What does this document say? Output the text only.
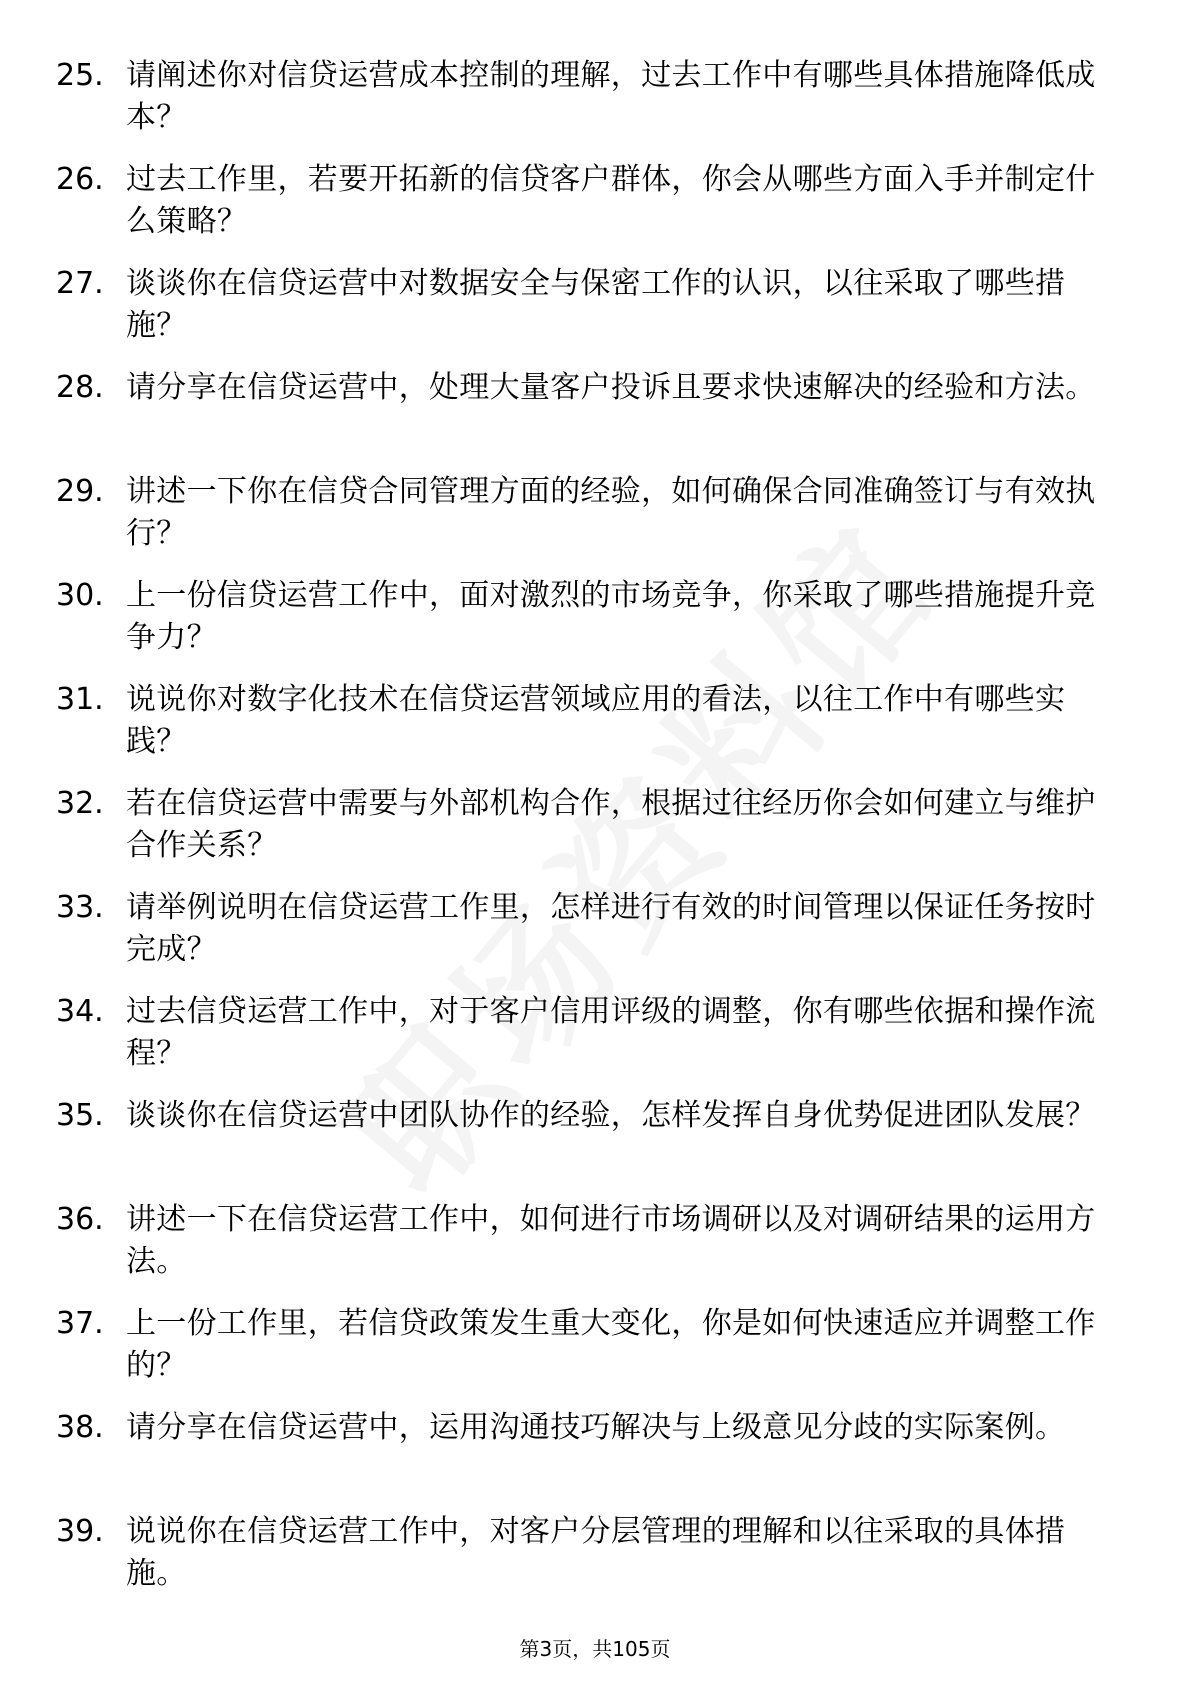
25. 请阐述你对信贷运营成本控制的理解，过去工作中有哪些具体措施降低成本？
26. 过去工作里，若要开拓新的信贷客户群体，你会从哪些方面入手并制定什么策略？
27. 谈谈你在信贷运营中对数据安全与保密工作的认识，以往采取了哪些措施？
28. 请分享在信贷运营中，处理大量客户投诉且要求快速解决的经验和方法。
29. 讲述一下你在信贷合同管理方面的经验，如何确保合同准确签订与有效执行？
30. 上一份信贷运营工作中，面对激烈的市场竞争，你采取了哪些措施提升竞争力？
31. 说说你对数字化技术在信贷运营领域应用的看法，以往工作中有哪些实践？
32. 若在信贷运营中需要与外部机构合作，根据过往经历你会如何建立与维护合作关系？
33. 请举例说明在信贷运营工作里，怎样进行有效的时间管理以保证任务按时完成？
34. 过去信贷运营工作中，对于客户信用评级的调整，你有哪些依据和操作流程？
35. 谈谈你在信贷运营中团队协作的经验，怎样发挥自身优势促进团队发展？
36. 讲述一下在信贷运营工作中，如何进行市场调研以及对调研结果的运用方法。
37. 上一份工作里，若信贷政策发生重大变化，你是如何快速适应并调整工作的？
38. 请分享在信贷运营中，运用沟通技巧解决与上级意见分歧的实际案例。
39. 说说你在信贷运营工作中，对客户分层管理的理解和以往采取的具体措施。
第3页，共105页
